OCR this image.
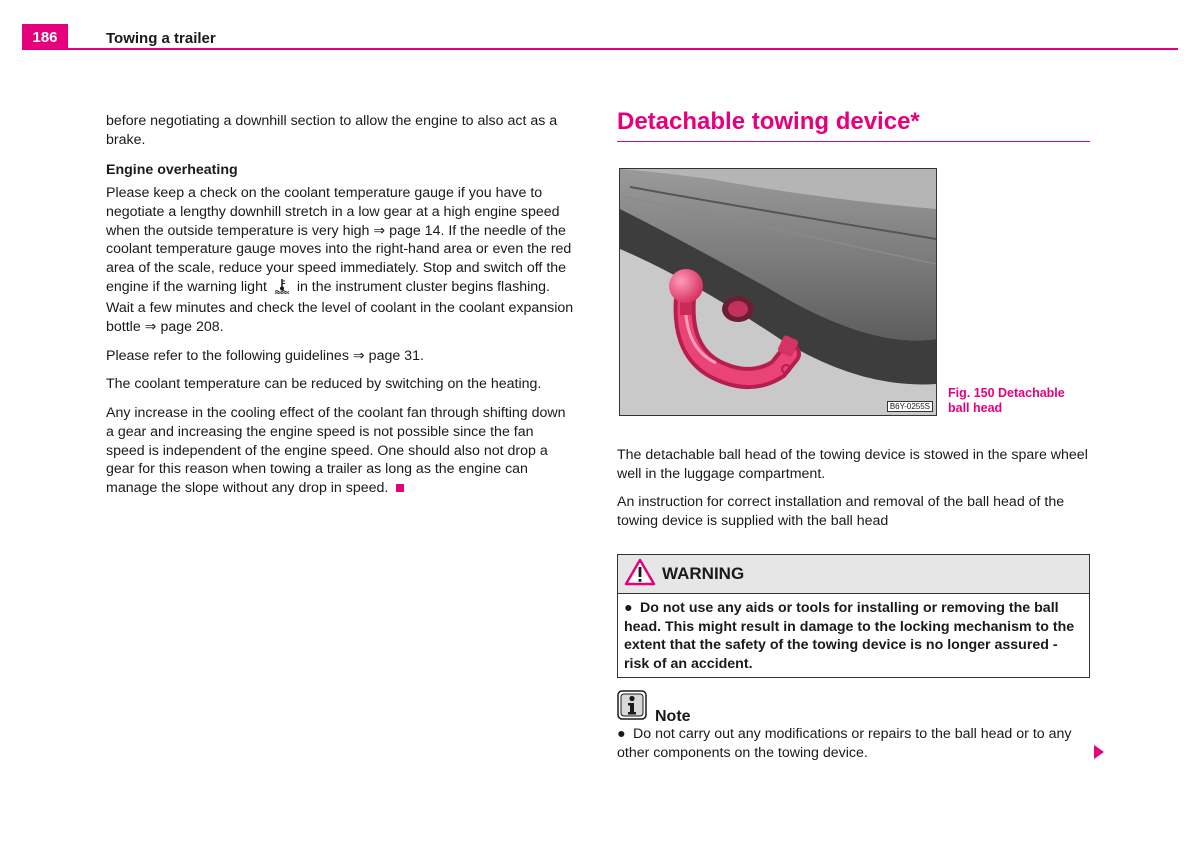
186	Towing a trailer

before negotiating a downhill section to allow the engine to also act as a brake.

Engine overheating

Please keep a check on the coolant temperature gauge if you have to negotiate a lengthy downhill stretch in a low gear at a high engine speed when the outside temperature is very high ⇒ page 14. If the needle of the coolant temperature gauge moves into the right-hand area or even the red area of the scale, reduce your speed immediately. Stop and switch off the engine if the warning light in the instrument cluster begins flashing. Wait a few minutes and check the level of coolant in the coolant expansion bottle ⇒ page 208.

Please refer to the following guidelines ⇒ page 31.

The coolant temperature can be reduced by switching on the heating.

Any increase in the cooling effect of the coolant fan through shifting down a gear and increasing the engine speed is not possible since the fan speed is independent of the engine speed. One should also not drop a gear for this reason when towing a trailer as long as the engine can manage the slope without any drop in speed.

Detachable towing device*
B6Y-0255S
Fig. 150 Detachable ball head

The detachable ball head of the towing device is stowed in the spare wheel well in the luggage compartment.

An instruction for correct installation and removal of the ball head of the towing device is supplied with the ball head

WARNING
● Do not use any aids or tools for installing or removing the ball head. This might result in damage to the locking mechanism to the extent that the safety of the towing device is no longer assured - risk of an accident.
Note
● Do not carry out any modifications or repairs to the ball head or to any other components on the towing device.
